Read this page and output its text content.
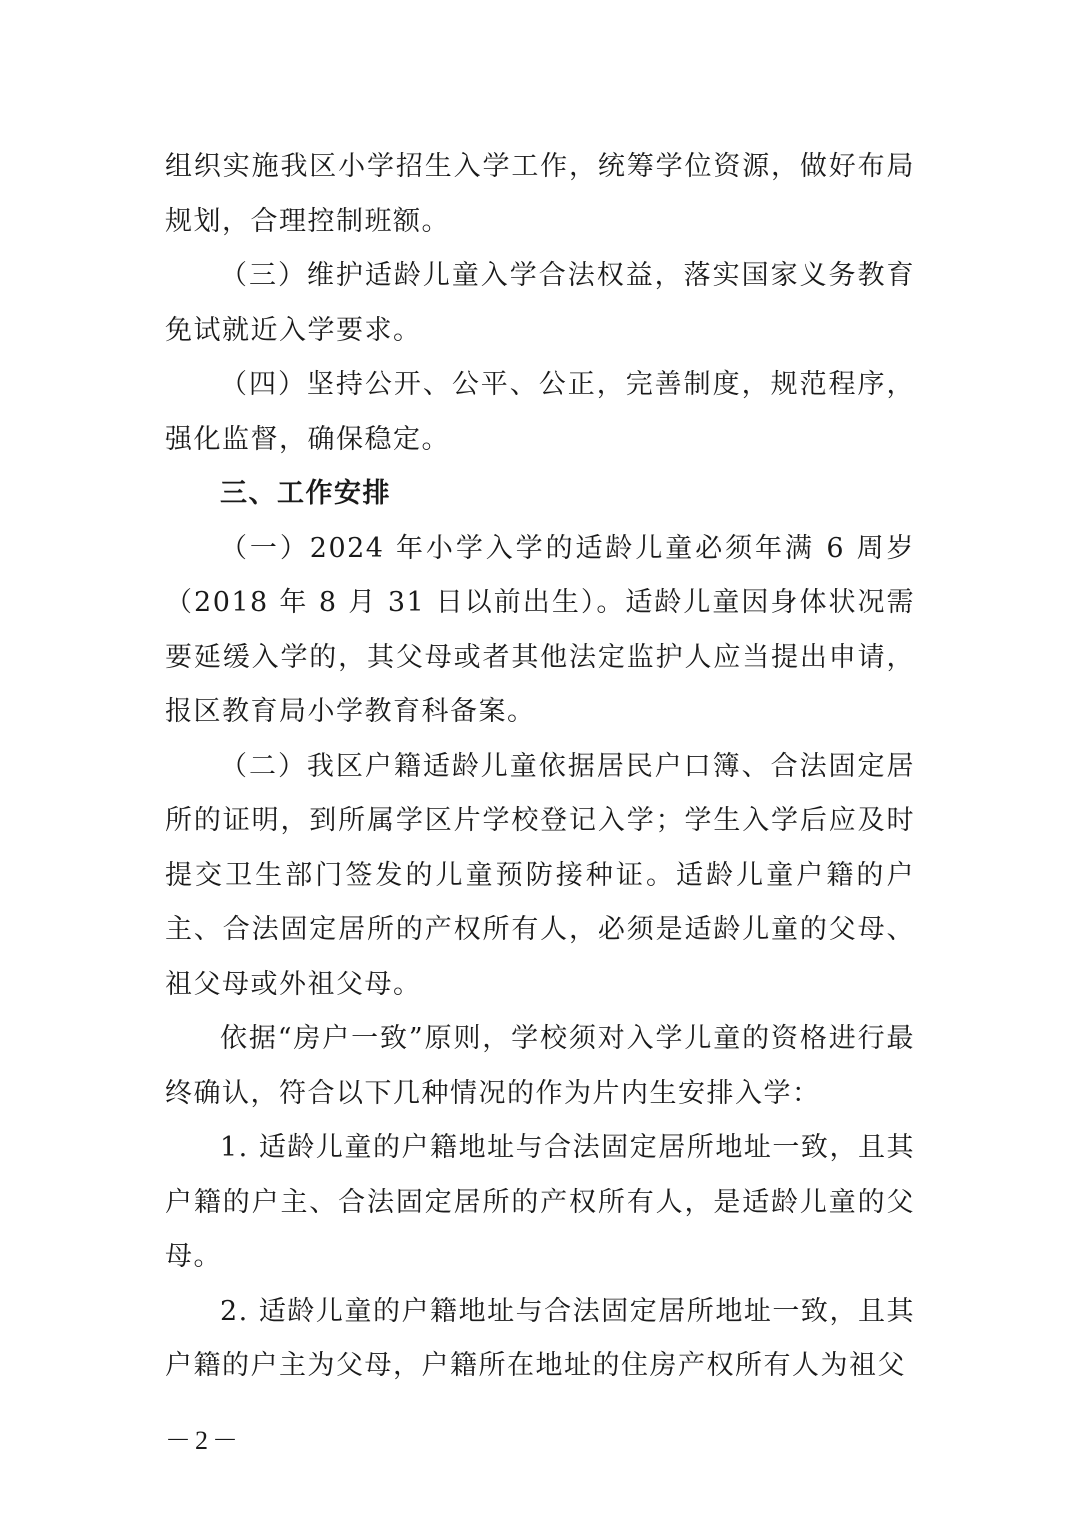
组织实施我区小学招生入学工作，统筹学位资源，做好布局规划，合理控制班额。

（三）维护适龄儿童入学合法权益，落实国家义务教育免试就近入学要求。

（四）坚持公开、公平、公正，完善制度，规范程序，强化监督，确保稳定。

三、工作安排

（一）2024 年小学入学的适龄儿童必须年满 6 周岁（2018 年 8 月 31 日以前出生）。适龄儿童因身体状况需要延缓入学的，其父母或者其他法定监护人应当提出申请，报区教育局小学教育科备案。

（二）我区户籍适龄儿童依据居民户口簿、合法固定居所的证明，到所属学区片学校登记入学；学生入学后应及时提交卫生部门签发的儿童预防接种证。适龄儿童户籍的户主、合法固定居所的产权所有人，必须是适龄儿童的父母、祖父母或外祖父母。

依据“房户一致”原则，学校须对入学儿童的资格进行最终确认，符合以下几种情况的作为片内生安排入学：

1. 适龄儿童的户籍地址与合法固定居所地址一致，且其户籍的户主、合法固定居所的产权所有人，是适龄儿童的父母。

2. 适龄儿童的户籍地址与合法固定居所地址一致，且其户籍的户主为父母，户籍所在地址的住房产权所有人为祖父

－2－
